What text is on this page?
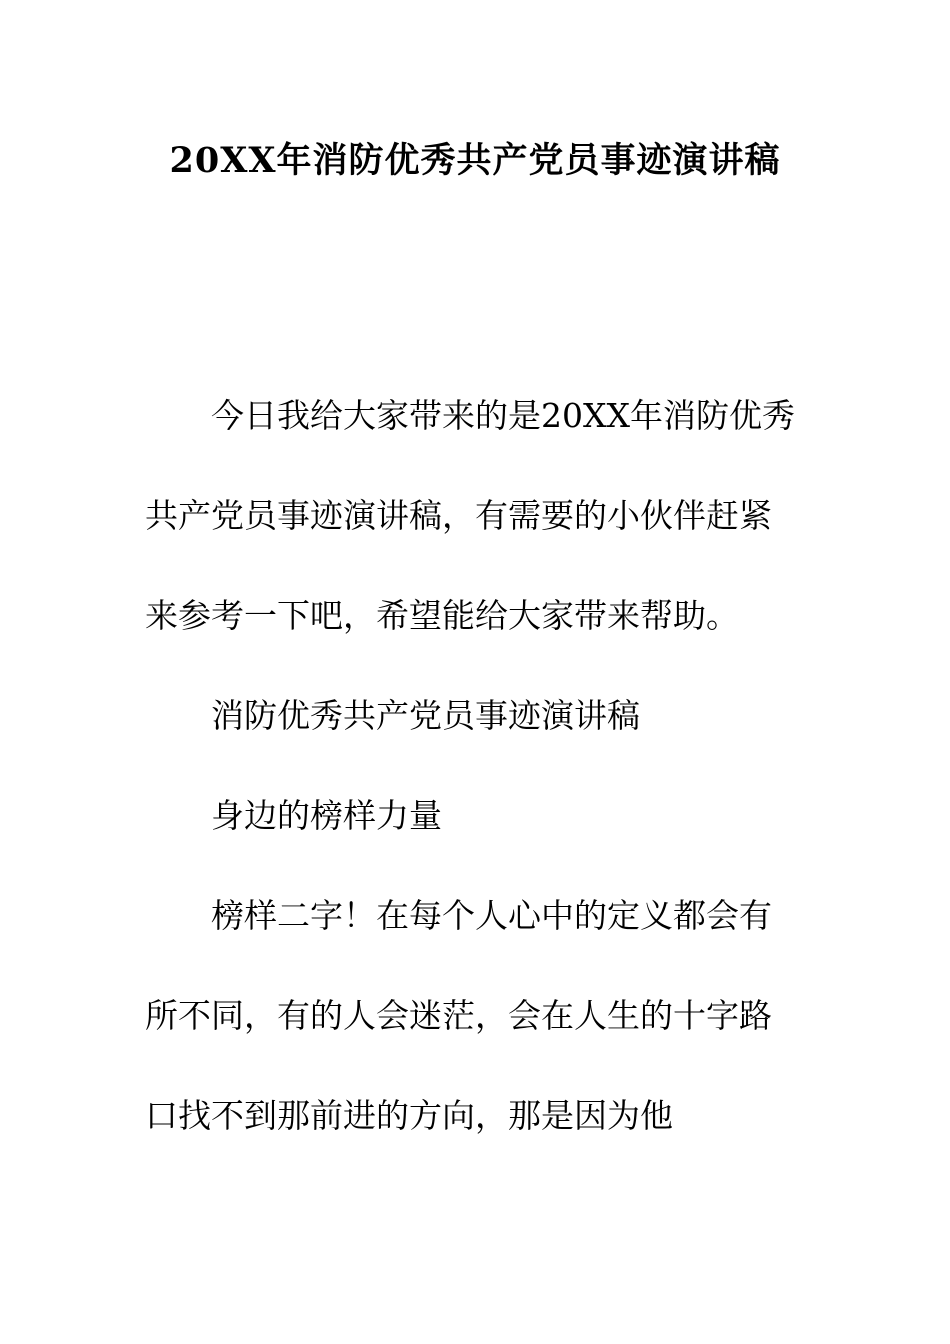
20XX年消防优秀共产党员事迹演讲稿

今日我给大家带来的是20XX年消防优秀共产党员事迹演讲稿，有需要的小伙伴赶紧来参考一下吧，希望能给大家带来帮助。

消防优秀共产党员事迹演讲稿

身边的榜样力量

榜样二字！在每个人心中的定义都会有所不同，有的人会迷茫，会在人生的十字路口找不到那前进的方向，那是因为他
